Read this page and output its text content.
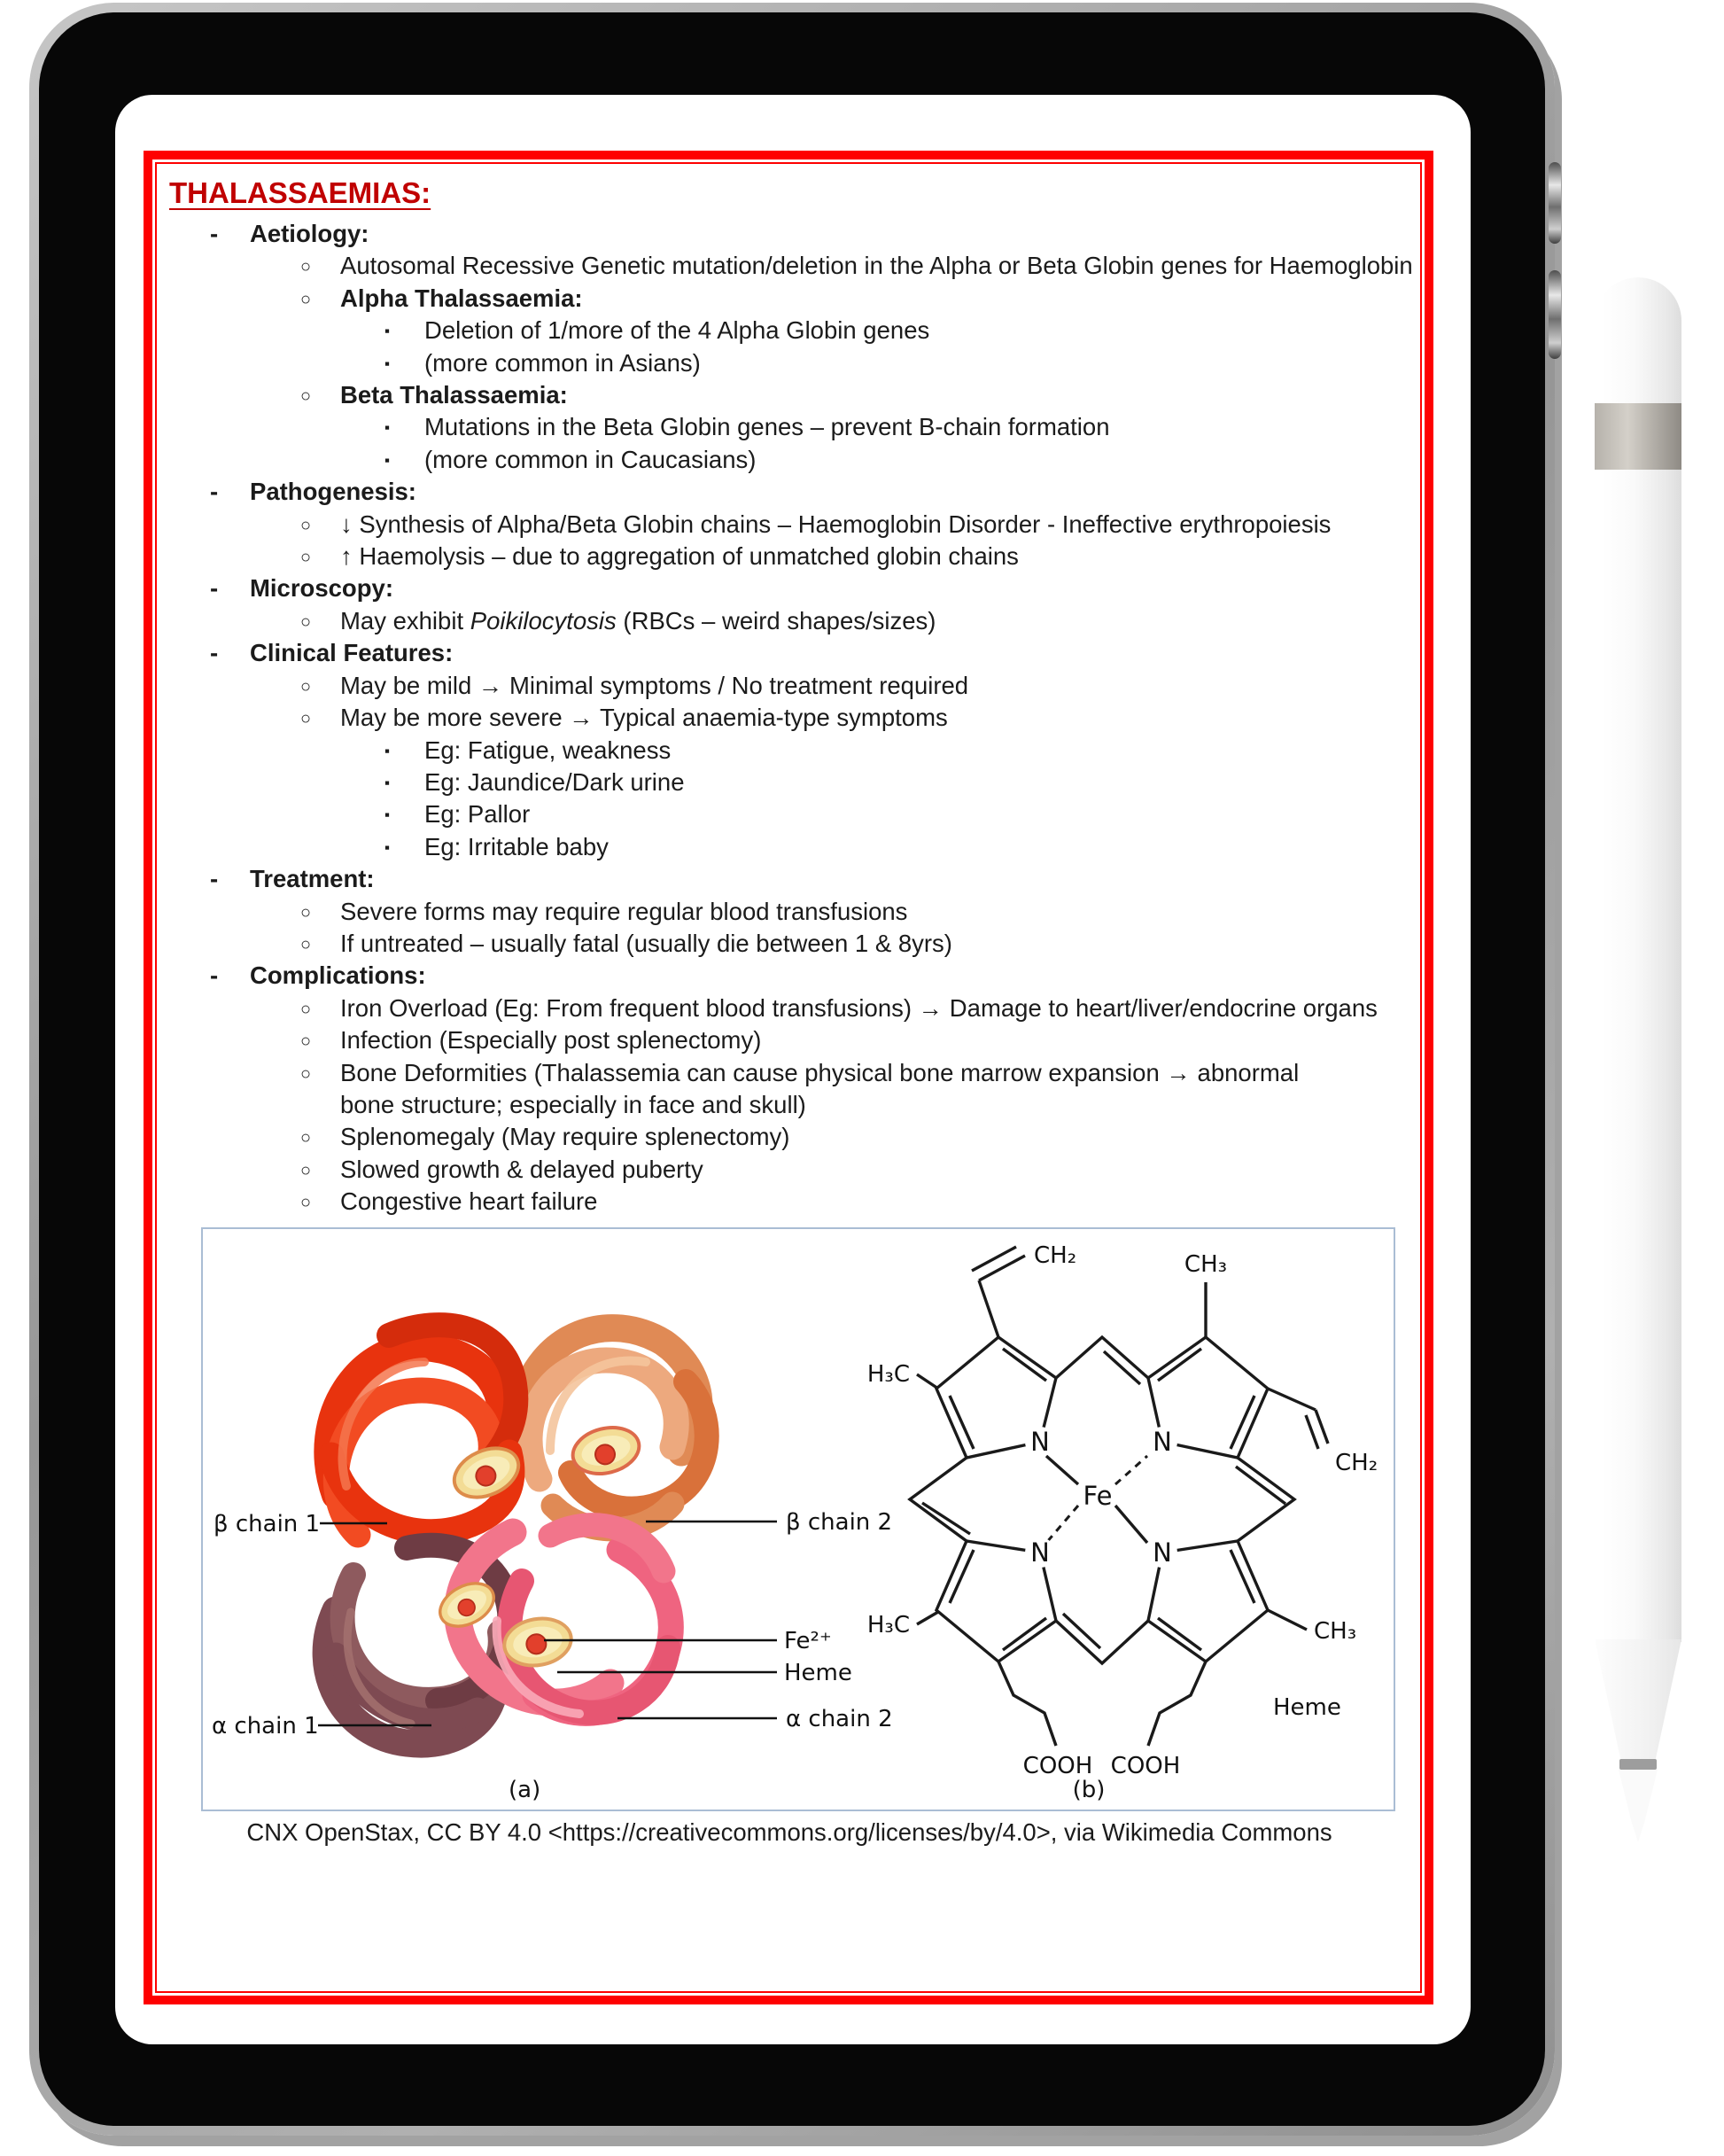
THALASSAEMIAS:
-	Aetiology:
○	Autosomal Recessive Genetic mutation/deletion in the Alpha or Beta Globin genes for Haemoglobin
○	Alpha Thalassaemia:
▪	Deletion of 1/more of the 4 Alpha Globin genes
▪	(more common in Asians)
○	Beta Thalassaemia:
▪	Mutations in the Beta Globin genes – prevent B-chain formation
▪	(more common in Caucasians)
-	Pathogenesis:
○	↓ Synthesis of Alpha/Beta Globin chains – Haemoglobin Disorder - Ineffective erythropoiesis
○	↑ Haemolysis – due to aggregation of unmatched globin chains
-	Microscopy:
○	May exhibit Poikilocytosis (RBCs – weird shapes/sizes)
-	Clinical Features:
○	May be mild → Minimal symptoms / No treatment required
○	May be more severe → Typical anaemia-type symptoms
▪	Eg: Fatigue, weakness
▪	Eg: Jaundice/Dark urine
▪	Eg: Pallor
▪	Eg: Irritable baby
-	Treatment:
○	Severe forms may require regular blood transfusions
○	If untreated – usually fatal (usually die between 1 & 8yrs)
-	Complications:
○	Iron Overload (Eg: From frequent blood transfusions) → Damage to heart/liver/endocrine organs
○	Infection (Especially post splenectomy)
○	Bone Deformities (Thalassemia can cause physical bone marrow expansion → abnormal bone structure; especially in face and skull)
○	Splenomegaly (May require splenectomy)
○	Slowed growth & delayed puberty
○	Congestive heart failure
β chain 1	β chain 2
α chain 1	α chain 2
Fe²⁺
Heme
(a)
N	N
N	N
Fe
CH₂	CH₃
CH₂
H₃C
H₃C	CH₃
COOH COOH
Heme
(b)
CNX OpenStax, CC BY 4.0 <https://creativecommons.org/licenses/by/4.0>, via Wikimedia Commons
